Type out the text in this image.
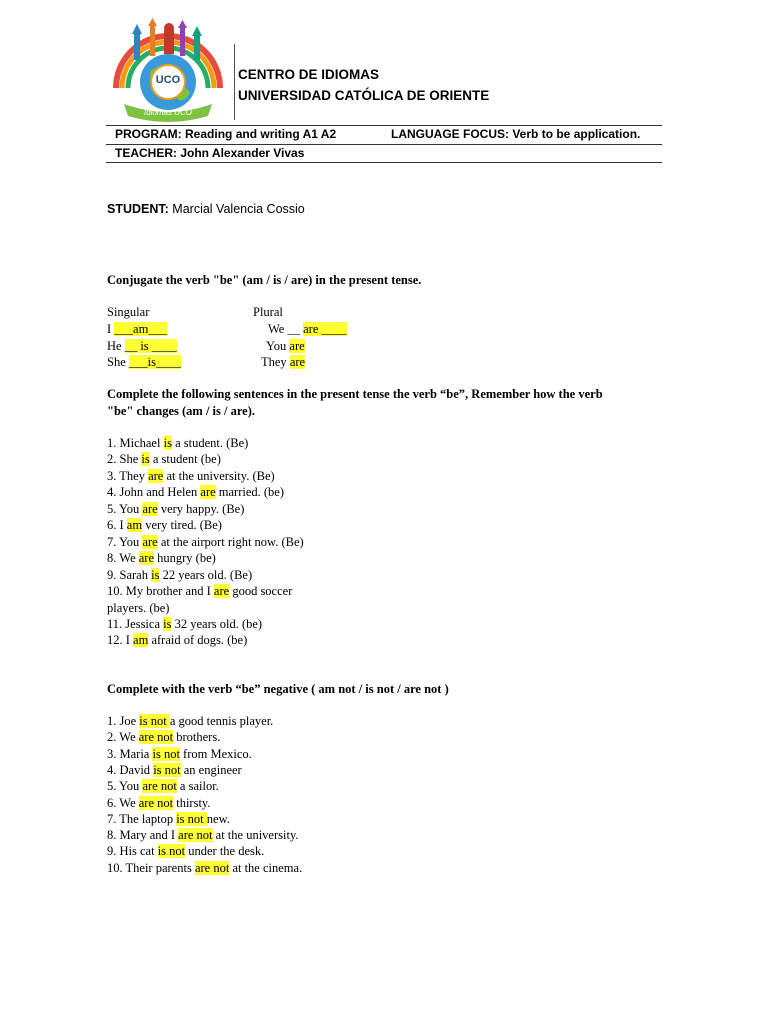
UCO
Idiomas UCO
CENTRO DE IDIOMAS
UNIVERSIDAD CATÓLICA DE ORIENTE
PROGRAM: Reading and writing A1 A2	LANGUAGE FOCUS: Verb to be application.
TEACHER: John Alexander Vivas
STUDENT: Marcial Valencia Cossio
Conjugate the verb "be" (am / is / are) in the present tense.
Singular	Plural
I ___am___	We __ are ____
He __ is ____	You are
She ___is____	They are
Complete the following sentences in the present tense the verb “be”, Remember how the verb
"be" changes (am / is / are).
1. Michael is a student. (Be)
2. She is a student (be)
3. They are at the university. (Be)
4. John and Helen are married. (be)
5. You are very happy. (Be)
6. I am very tired. (Be)
7. You are at the airport right now. (Be)
8. We are hungry (be)
9. Sarah is 22 years old. (Be)
10. My brother and I are good soccer
players. (be)
11. Jessica is 32 years old. (be)
12. I am afraid of dogs. (be)
Complete with the verb “be” negative ( am not / is not / are not )
1. Joe is not a good tennis player.
2. We are not brothers.
3. Maria is not from Mexico.
4. David is not an engineer
5. You are not a sailor.
6. We are not thirsty.
7. The laptop is not new.
8. Mary and I are not at the university.
9. His cat is not under the desk.
10. Their parents are not at the cinema.
